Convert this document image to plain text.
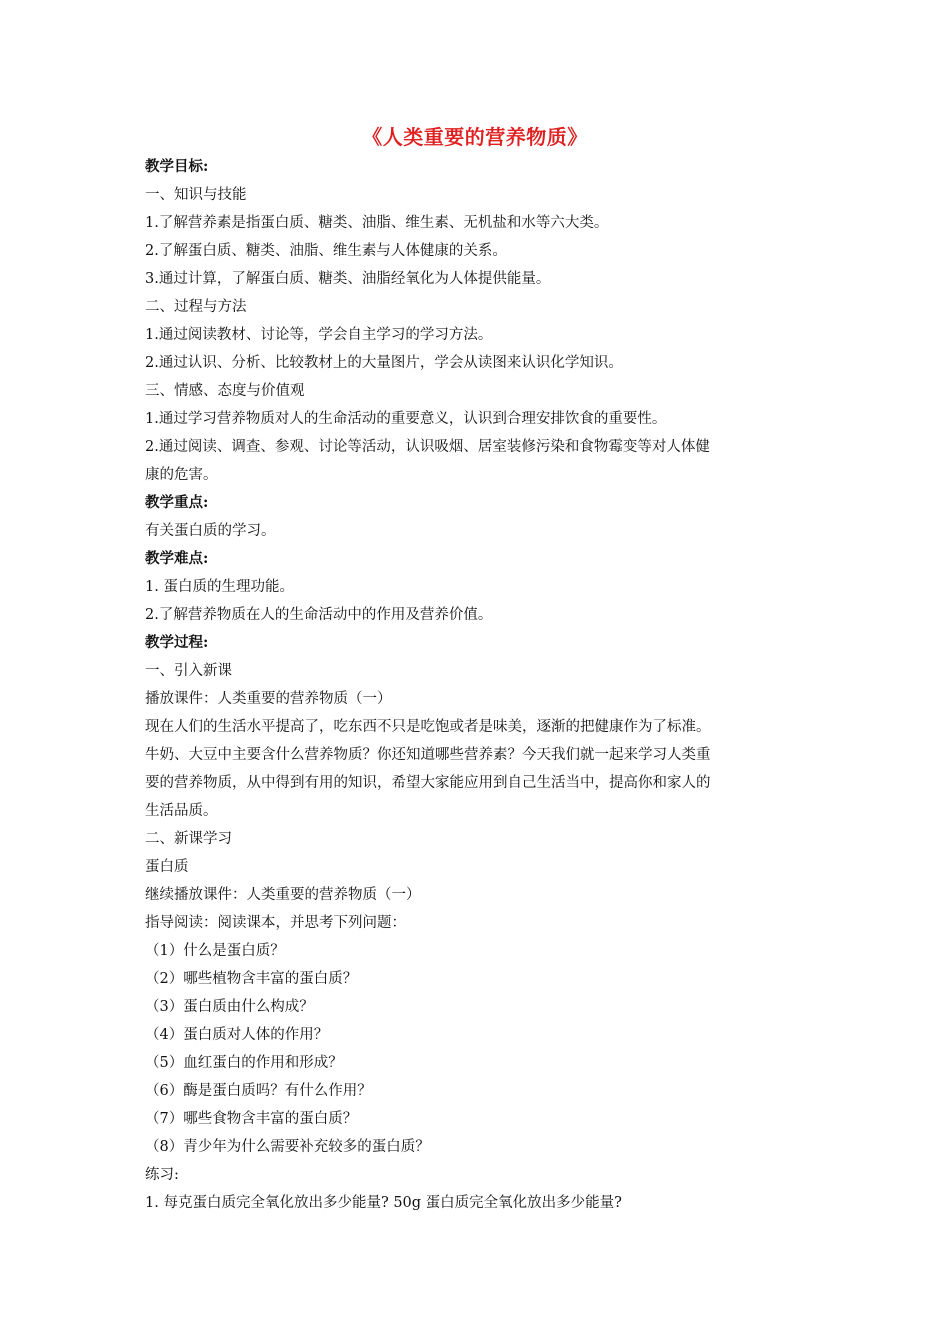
《人类重要的营养物质》
教学目标:
一、知识与技能
1.了解营养素是指蛋白质、糖类、油脂、维生素、无机盐和水等六大类。
2.了解蛋白质、糖类、油脂、维生素与人体健康的关系。
3.通过计算，了解蛋白质、糖类、油脂经氧化为人体提供能量。
二、过程与方法
1.通过阅读教材、讨论等，学会自主学习的学习方法。
2.通过认识、分析、比较教材上的大量图片，学会从读图来认识化学知识。
三、情感、态度与价值观
1.通过学习营养物质对人的生命活动的重要意义，认识到合理安排饮食的重要性。
2.通过阅读、调查、参观、讨论等活动，认识吸烟、居室装修污染和食物霉变等对人体健
康的危害。
教学重点:
有关蛋白质的学习。
教学难点:
1. 蛋白质的生理功能。
2.了解营养物质在人的生命活动中的作用及营养价值。
教学过程:
一、引入新课
播放课件：人类重要的营养物质（一）
现在人们的生活水平提高了，吃东西不只是吃饱或者是味美，逐渐的把健康作为了标准。
牛奶、大豆中主要含什么营养物质？你还知道哪些营养素？今天我们就一起来学习人类重
要的营养物质，从中得到有用的知识，希望大家能应用到自己生活当中，提高你和家人的
生活品质。
二、新课学习
蛋白质
继续播放课件：人类重要的营养物质（一）
指导阅读：阅读课本，并思考下列问题：
（1）什么是蛋白质？
（2）哪些植物含丰富的蛋白质？
（3）蛋白质由什么构成？
（4）蛋白质对人体的作用？
（5）血红蛋白的作用和形成？
（6）酶是蛋白质吗？有什么作用？
（7）哪些食物含丰富的蛋白质？
（8）青少年为什么需要补充较多的蛋白质？
练习:
1. 每克蛋白质完全氧化放出多少能量? 50g 蛋白质完全氧化放出多少能量?
